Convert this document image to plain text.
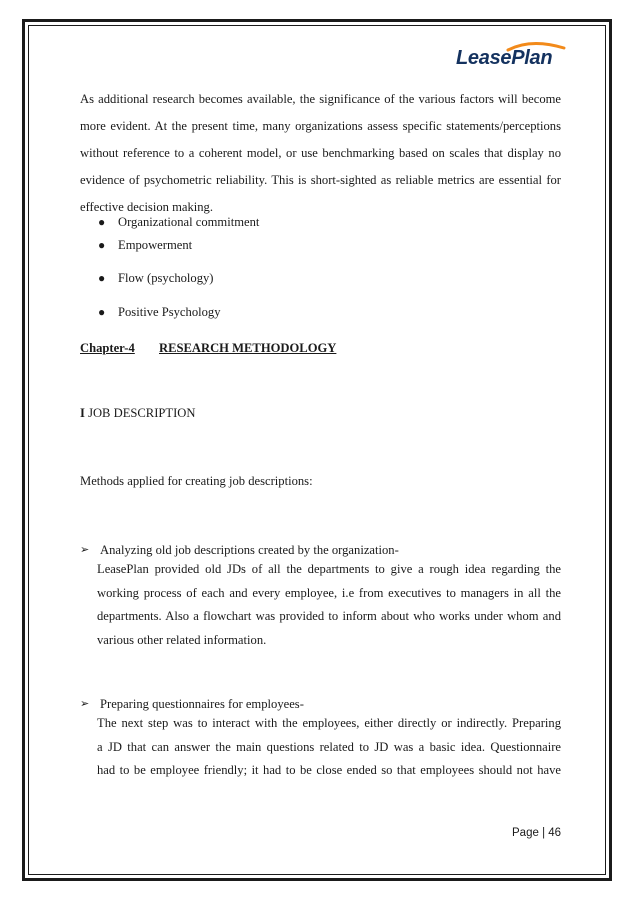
LeasePlan
As additional research becomes available, the significance of the various factors will become
more evident. At the present time, many organizations assess specific statements/perceptions
without reference to a coherent model, or use benchmarking based on scales that display no
evidence of psychometric reliability. This is short-sighted as reliable metrics are essential for
effective decision making.
● Organizational commitment
● Empowerment
● Flow (psychology)
● Positive Psychology
Chapter-4 RESEARCH METHODOLOGY
I JOB DESCRIPTION
Methods applied for creating job descriptions:
➢ Analyzing old job descriptions created by the organization-
LeasePlan provided old JDs of all the departments to give a rough idea regarding the
working process of each and every employee, i.e from executives to managers in all the
departments. Also a flowchart was provided to inform about who works under whom and
various other related information.
➢ Preparing questionnaires for employees-
The next step was to interact with the employees, either directly or indirectly. Preparing
a JD that can answer the main questions related to JD was a basic idea. Questionnaire
had to be employee friendly; it had to be close ended so that employees should not have
Page | 46
